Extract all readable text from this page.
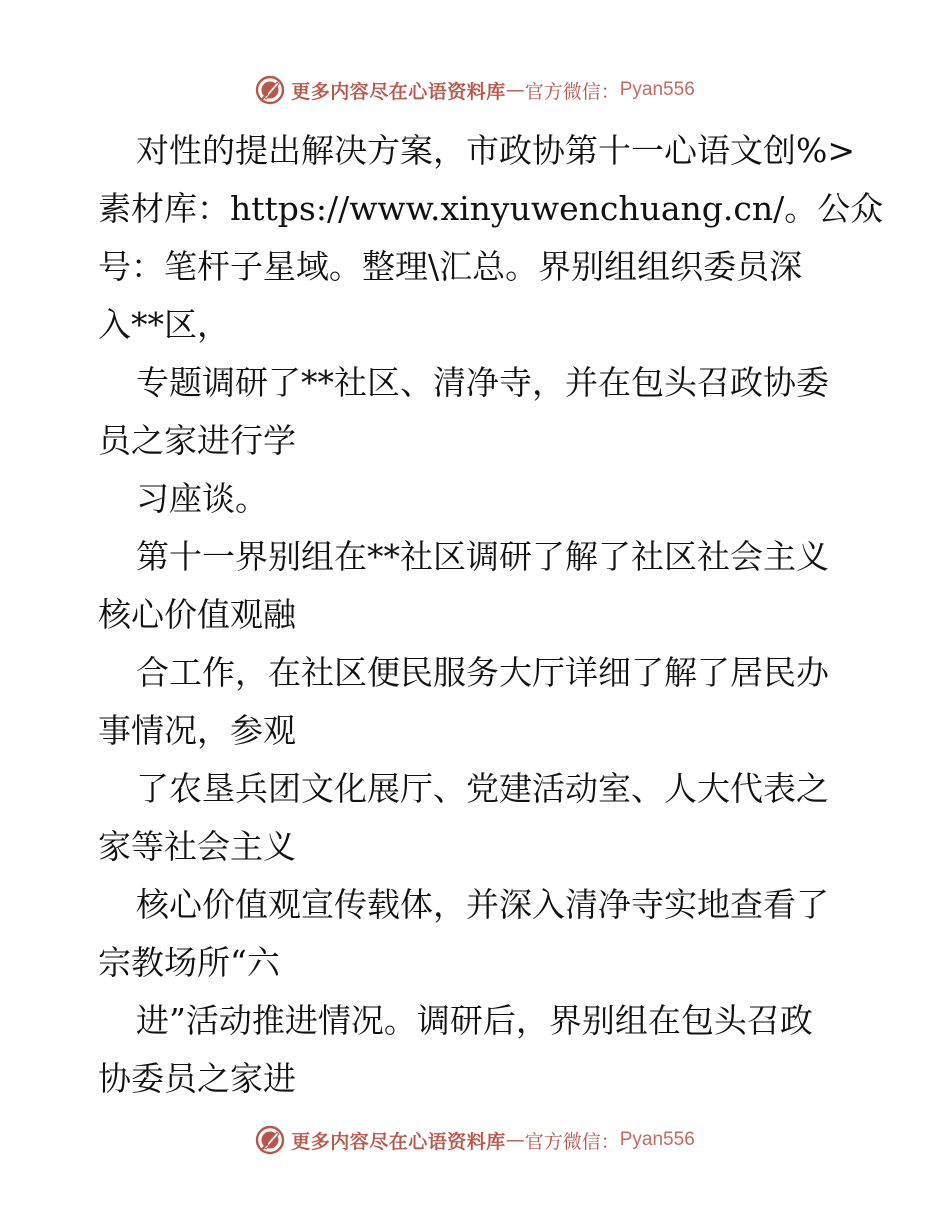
更多内容尽在心语资料库 — 官方微信： Pyan556
对性的提出解决方案，市政协第十一心语文创%>
素材库：https://www.xinyuwenchuang.cn/。公众
号：笔杆子星域。整理\汇总。界别组组织委员深
入**区，
专题调研了**社区、清净寺，并在包头召政协委
员之家进行学
习座谈。
第十一界别组在**社区调研了解了社区社会主义
核心价值观融
合工作，在社区便民服务大厅详细了解了居民办
事情况，参观
了农垦兵团文化展厅、党建活动室、人大代表之
家等社会主义
核心价值观宣传载体，并深入清净寺实地查看了
宗教场所“六
进”活动推进情况。调研后，界别组在包头召政
协委员之家进
更多内容尽在心语资料库 — 官方微信： Pyan556
